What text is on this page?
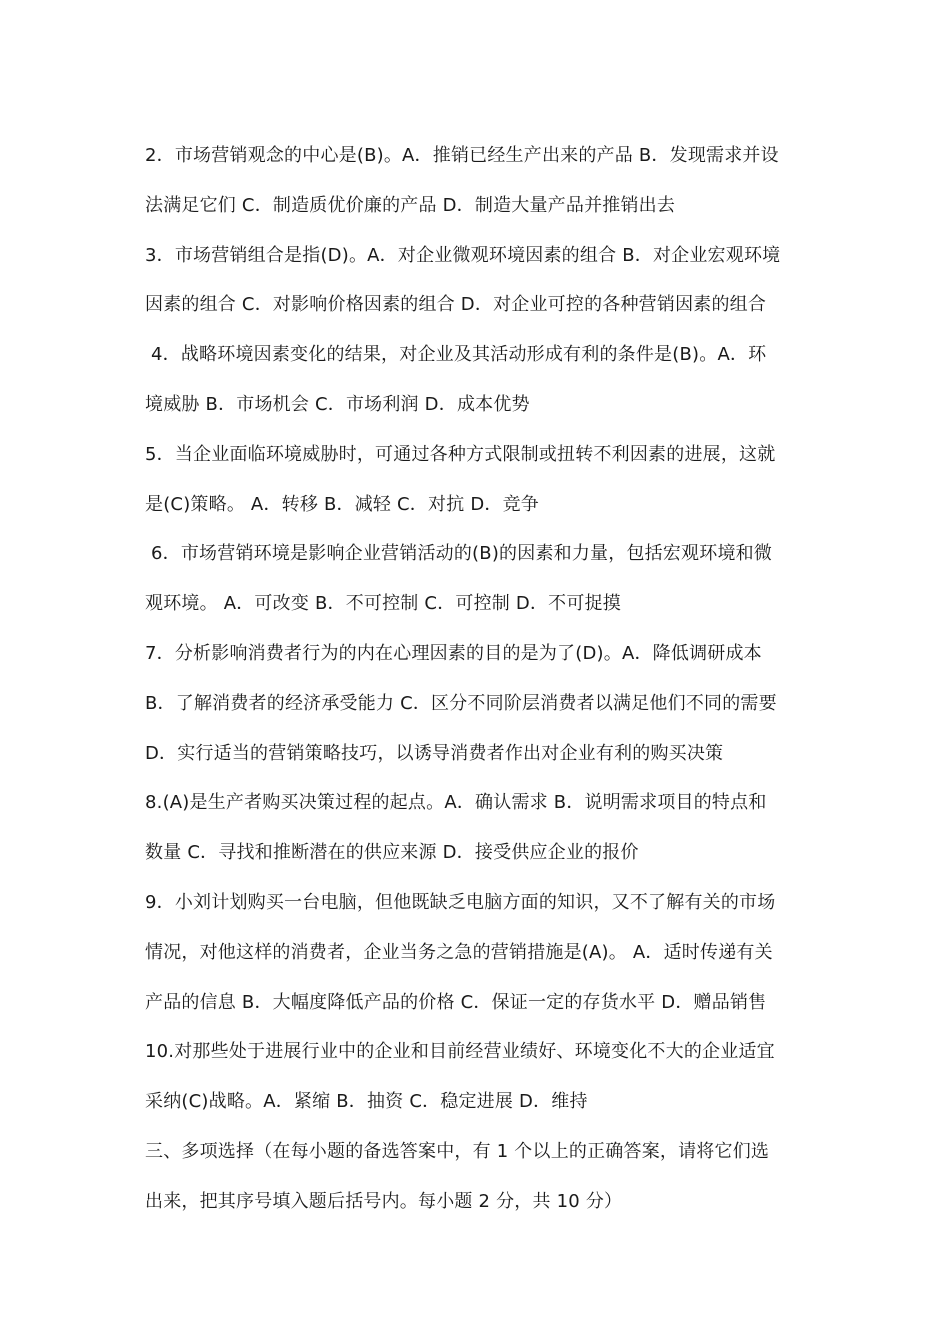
2．市场营销观念的中心是(B)。A．推销已经生产出来的产品 B．发现需求并设
法满足它们 C．制造质优价廉的产品 D．制造大量产品并推销出去
3．市场营销组合是指(D)。A．对企业微观环境因素的组合 B．对企业宏观环境
因素的组合 C．对影响价格因素的组合 D．对企业可控的各种营销因素的组合
4．战略环境因素变化的结果，对企业及其活动形成有利的条件是(B)。A．环
境威胁 B．市场机会 C．市场利润 D．成本优势
5．当企业面临环境威胁时，可通过各种方式限制或扭转不利因素的进展，这就
是(C)策略。 A．转移 B．减轻 C．对抗 D．竞争
6．市场营销环境是影响企业营销活动的(B)的因素和力量，包括宏观环境和微
观环境。 A．可改变 B．不可控制 C．可控制 D．不可捉摸
7．分析影响消费者行为的内在心理因素的目的是为了(D)。A．降低调研成本
B．了解消费者的经济承受能力 C．区分不同阶层消费者以满足他们不同的需要
D．实行适当的营销策略技巧，以诱导消费者作出对企业有利的购买决策
8.(A)是生产者购买决策过程的起点。A．确认需求 B．说明需求项目的特点和
数量 C．寻找和推断潜在的供应来源 D．接受供应企业的报价
9．小刘计划购买一台电脑，但他既缺乏电脑方面的知识，又不了解有关的市场
情况，对他这样的消费者，企业当务之急的营销措施是(A)。 A．适时传递有关
产品的信息 B．大幅度降低产品的价格 C．保证一定的存货水平 D．赠品销售
10.对那些处于进展行业中的企业和目前经营业绩好、环境变化不大的企业适宜
采纳(C)战略。A．紧缩 B．抽资 C．稳定进展 D．维持
三、多项选择（在每小题的备选答案中，有 1 个以上的正确答案，请将它们选
出来，把其序号填入题后括号内。每小题 2 分，共 10 分）
